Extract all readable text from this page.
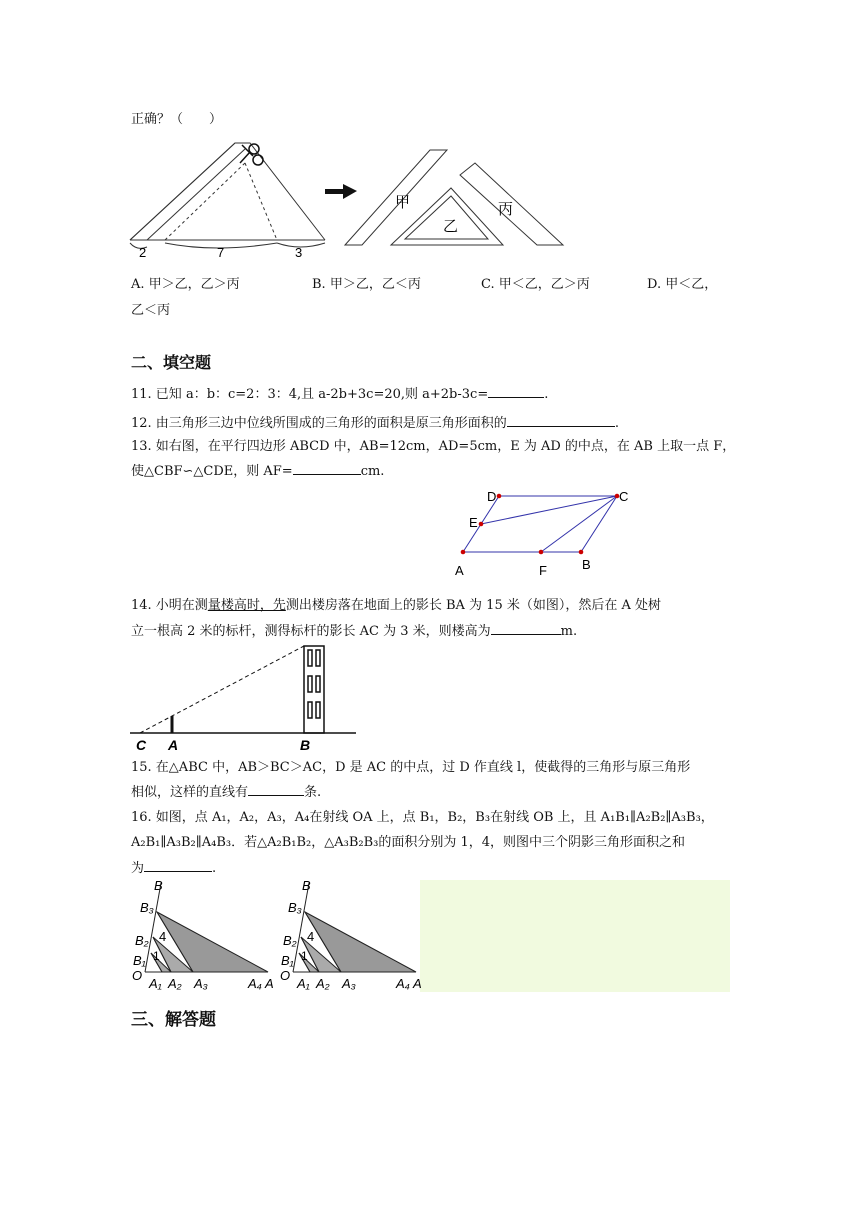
正确？（　　）
2	7	3
甲
乙
丙
A. 甲＞乙，乙＞丙	B. 甲＞乙，乙＜丙	C. 甲＜乙，乙＞丙	D. 甲＜乙，
乙＜丙
二、填空题
11. 已知 a：b：c=2：3：4,且 a-2b+3c=20,则 a+2b-3c=	.
12. 由三角形三边中位线所围成的三角形的面积是原三角形面积的	.
13. 如右图，在平行四边形 ABCD 中，AB=12cm，AD=5cm，E 为 AD 的中点，在 AB 上取一点 F，
使△CBF∽△CDE，则 AF=	cm.
D	C
E
A	F	B
14. 小明在测量楼高时，先测出楼房落在地面上的影长 BA 为 15 米（如图），然后在 A 处树
立一根高 2 米的标杆，测得标杆的影长 AC 为 3 米，则楼高为	m.
C A	B
15. 在△ABC 中，AB＞BC＞AC，D 是 AC 的中点，过 D 作直线 l，使截得的三角形与原三角形
相似，这样的直线有	条.
16. 如图，点 A₁，A₂，A₃，A₄在射线 OA 上，点 B₁，B₂，B₃在射线 OB 上，且 A₁B₁∥A₂B₂∥A₃B₃，
A₂B₁∥A₃B₂∥A₄B₃．若△A₂B₁B₂，△A₃B₂B₃的面积分别为 1，4，则图中三个阴影三角形面积之和
为	.
B
B₃
B₂
B₁
O
A₁ A₂ A₃	A₄ A
4
1
B
B₃
B₂
B₁
O
A₁ A₂ A₃	A₄ A
4
1
三、解答题
